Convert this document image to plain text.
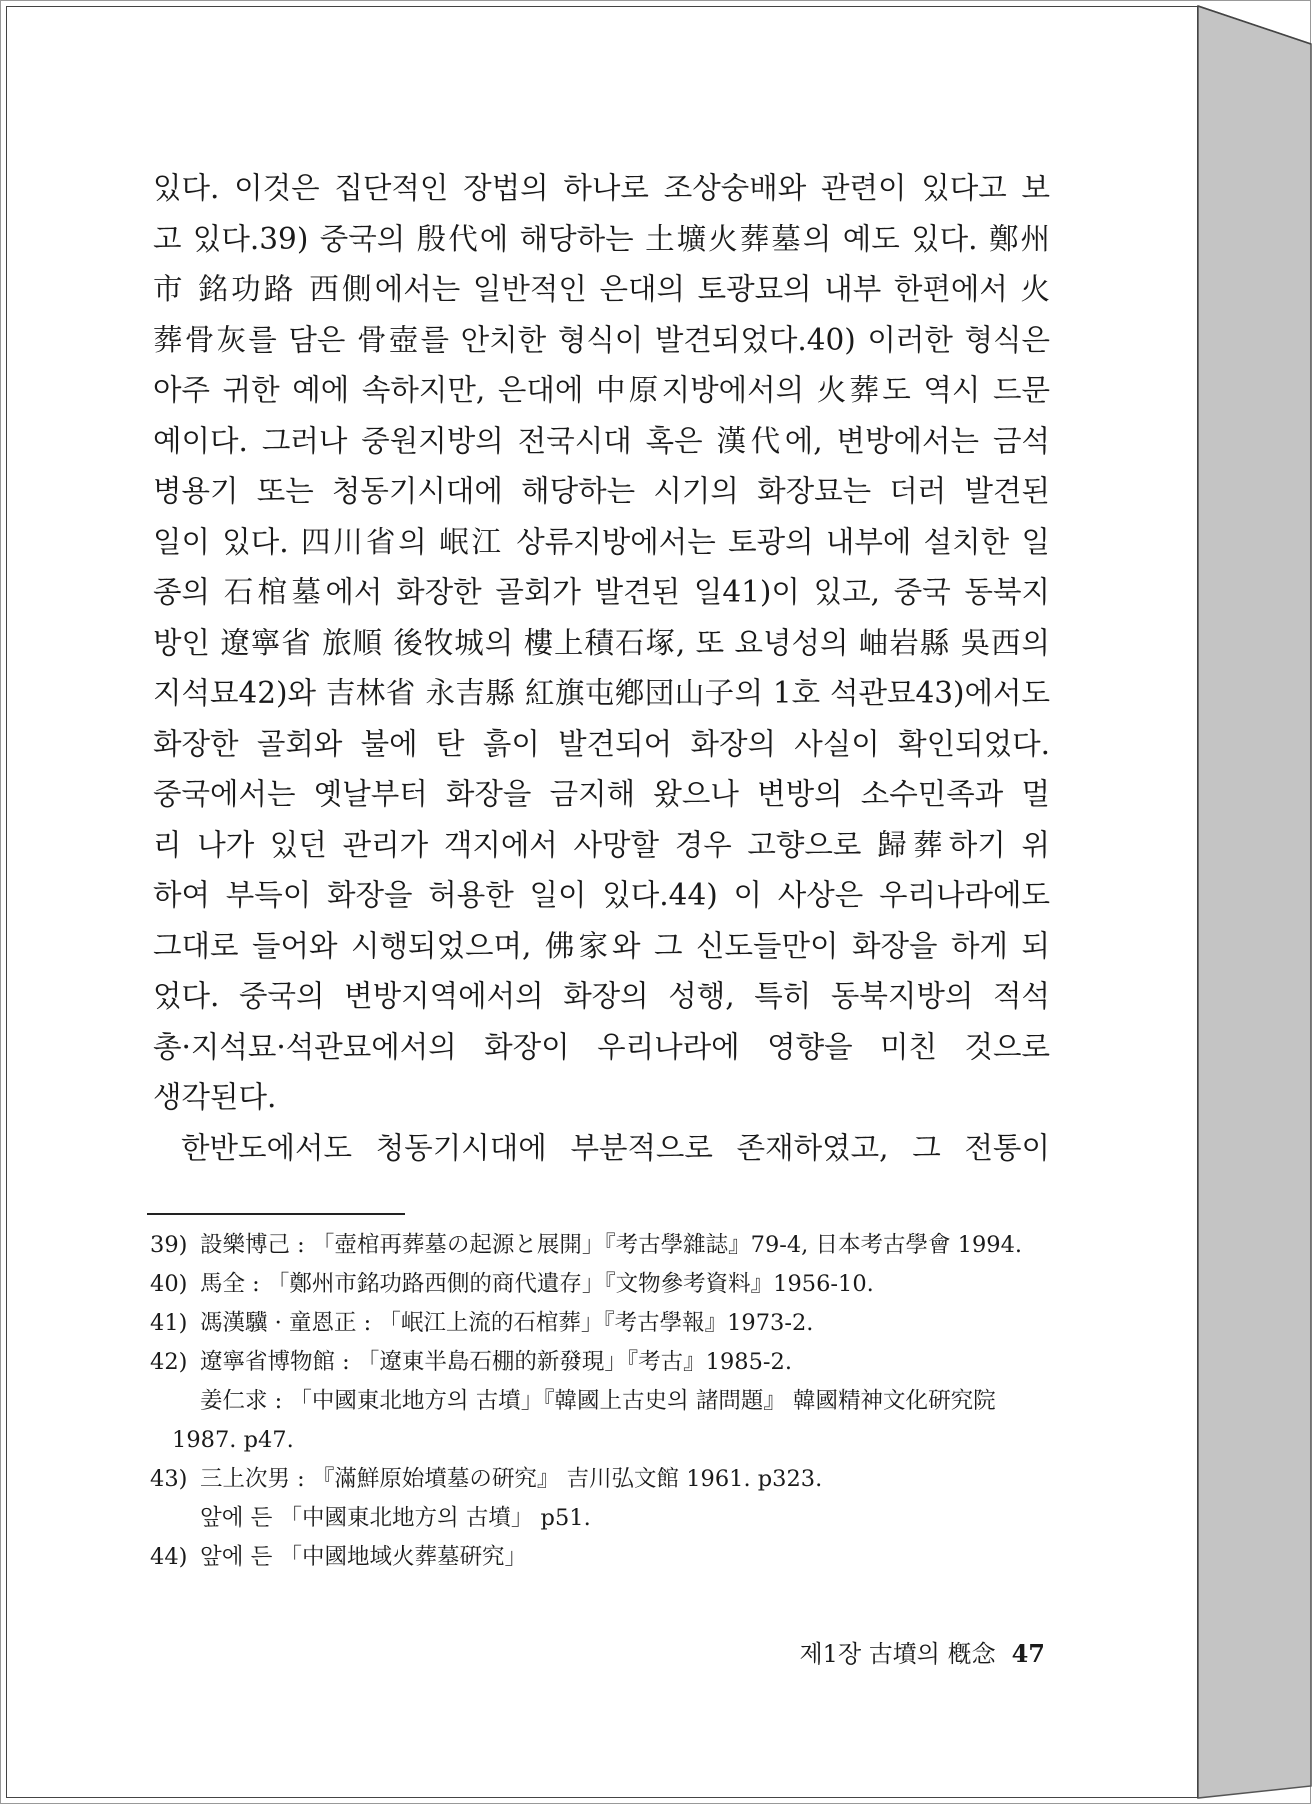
있다. 이것은 집단적인 장법의 하나로 조상숭배와 관련이 있다고 보
고 있다.39) 중국의 殷代에 해당하는 土壙火葬墓의 예도 있다. 鄭州
市 銘功路 西側에서는 일반적인 은대의 토광묘의 내부 한편에서 火
葬骨灰를 담은 骨壺를 안치한 형식이 발견되었다.40) 이러한 형식은
아주 귀한 예에 속하지만, 은대에 中原지방에서의 火葬도 역시 드문
예이다. 그러나 중원지방의 전국시대 혹은 漢代에, 변방에서는 금석
병용기 또는 청동기시대에 해당하는 시기의 화장묘는 더러 발견된
일이 있다. 四川省의 岷江 상류지방에서는 토광의 내부에 설치한 일
종의 石棺墓에서 화장한 골회가 발견된 일41)이 있고, 중국 동북지
방인 遼寧省 旅順 後牧城의 樓上積石塚, 또 요녕성의 岫岩縣 吳西의
지석묘42)와 吉林省 永吉縣 紅旗屯鄕団山子의 1호 석관묘43)에서도
화장한 골회와 불에 탄 흙이 발견되어 화장의 사실이 확인되었다.
중국에서는 옛날부터 화장을 금지해 왔으나 변방의 소수민족과 멀
리 나가 있던 관리가 객지에서 사망할 경우 고향으로 歸葬하기 위
하여 부득이 화장을 허용한 일이 있다.44) 이 사상은 우리나라에도
그대로 들어와 시행되었으며, 佛家와 그 신도들만이 화장을 하게 되
었다. 중국의 변방지역에서의 화장의 성행, 특히 동북지방의 적석
총·지석묘·석관묘에서의 화장이 우리나라에 영향을 미친 것으로
생각된다.
한반도에서도 청동기시대에 부분적으로 존재하였고, 그 전통이
39) 設樂博己 : 「壺棺再葬墓の起源と展開」『考古學雜誌』79-4, 日本考古學會 1994.
40) 馬全 : 「鄭州市銘功路西側的商代遺存」『文物參考資料』1956-10.
41) 馮漢驥 · 童恩正 : 「岷江上流的石棺葬」『考古學報』1973-2.
42) 遼寧省博物館 : 「遼東半島石棚的新發現」『考古』1985-2.
姜仁求 : 「中國東北地方의 古墳」『韓國上古史의 諸問題』 韓國精神文化硏究院
1987. p47.
43) 三上次男 : 『滿鮮原始墳墓の硏究』 吉川弘文館 1961. p323.
앞에 든 「中國東北地方의 古墳」 p51.
44) 앞에 든 「中國地域火葬墓硏究」
제1장 古墳의 槪念 47
